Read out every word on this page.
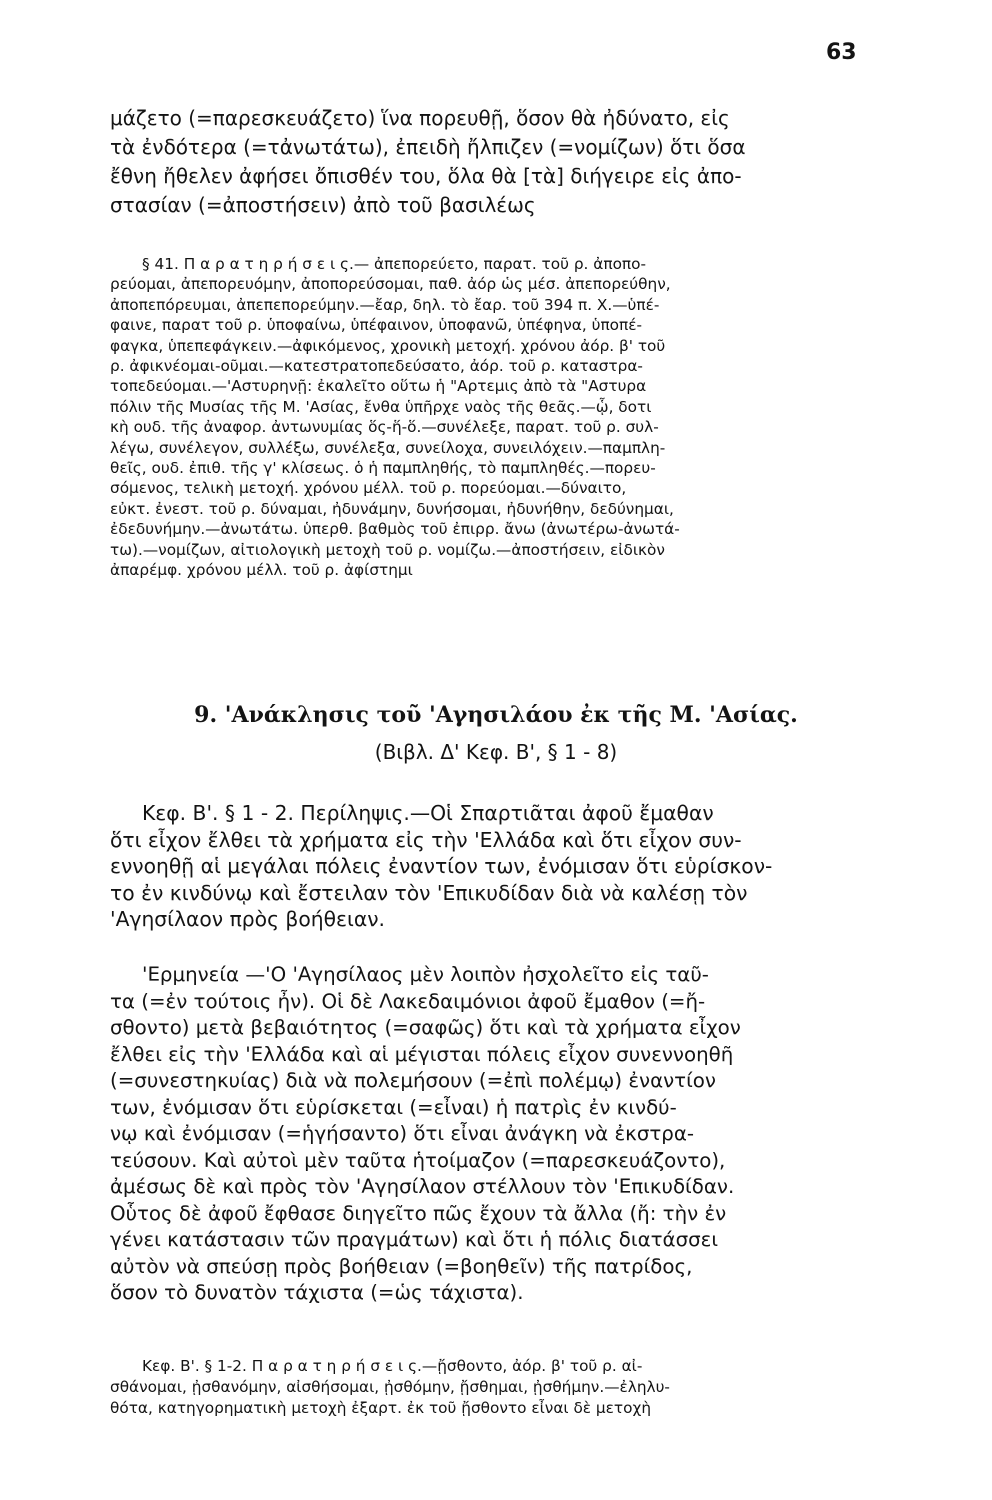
63
μάζετο (=παρεσκευάζετο) ἵνα πορευθῇ, ὅσον θὰ ἠδύνατο, εἰς
τὰ ἐνδότερα (=τἀνωτάτω), ἐπειδὴ ἤλπιζεν (=νομίζων) ὅτι ὅσα
ἔθνη ἤθελεν ἀφήσει ὄπισθέν του, ὅλα θὰ [τὰ] διήγειρε εἰς ἀπο-
στασίαν (=ἀποστήσειν) ἀπὸ τοῦ βασιλέως
§ 41. Π α ρ α τ η ρ ή σ ε ι ς.— ἀπεπορεύετο, παρατ. τοῦ ρ. ἀποπο-
ρεύομαι, ἀπεπορευόμην, ἀποπορεύσομαι, παθ. ἀόρ ὡς μέσ. ἀπεπορεύθην,
ἀποπεπόρευμαι, ἀπεπεπορεύμην.—ἔαρ, δηλ. τὸ ἔαρ. τοῦ 394 π. Χ.—ὑπέ-
φαινε, παρατ τοῦ ρ. ὑποφαίνω, ὑπέφαινον, ὑποφανῶ, ὑπέφηνα, ὑποπέ-
φαγκα, ὑπεπεφάγκειν.—ἀφικόμενος, χρονικὴ μετοχή. χρόνου ἀόρ. β' τοῦ
ρ. ἀφικνέομαι-οῦμαι.—κατεστρατοπεδεύσατο, ἀόρ. τοῦ ρ. καταστρα-
τοπεδεύομαι.—'Αστυρηνῇ: ἐκαλεῖτο οὕτω ἡ "Αρτεμις ἀπὸ τὰ "Αστυρα
πόλιν τῆς Μυσίας τῆς Μ. 'Ασίας, ἔνθα ὑπῆρχε ναὸς τῆς θεᾶς.—ᾧ, δοτι
κὴ ουδ. τῆς ἀναφορ. ἀντωνυμίας ὅς-ἥ-ὅ.—συνέλεξε, παρατ. τοῦ ρ. συλ-
λέγω, συνέλεγον, συλλέξω, συνέλεξα, συνείλοχα, συνειλόχειν.—παμπλη-
θεῖς, ουδ. ἐπιθ. τῆς γ' κλίσεως. ὁ ἡ παμπληθής, τὸ παμπληθές.—πορευ-
σόμενος, τελικὴ μετοχή. χρόνου μέλλ. τοῦ ρ. πορεύομαι.—δύναιτο,
εὐκτ. ἐνεστ. τοῦ ρ. δύναμαι, ἠδυνάμην, δυνήσομαι, ἠδυνήθην, δεδύνημαι,
ἐδεδυνήμην.—ἀνωτάτω. ὑπερθ. βαθμὸς τοῦ ἐπιρρ. ἄνω (ἀνωτέρω-ἀνωτά-
τω).—νομίζων, αἰτιολογικὴ μετοχὴ τοῦ ρ. νομίζω.—ἀποστήσειν, εἰδικὸν
ἀπαρέμφ. χρόνου μέλλ. τοῦ ρ. ἀφίστημι
9. 'Ανάκλησις τοῦ 'Αγησιλάου ἐκ τῆς Μ. 'Ασίας.
(Βιβλ. Δ' Κεφ. Β', § 1 - 8)
Κεφ. Β'. § 1 - 2. Περίληψις.—Οἱ Σπαρτιᾶται ἀφοῦ ἔμαθαν
ὅτι εἶχον ἔλθει τὰ χρήματα εἰς τὴν 'Ελλάδα καὶ ὅτι εἶχον συν-
εννοηθῇ αἱ μεγάλαι πόλεις ἐναντίον των, ἐνόμισαν ὅτι εὑρίσκον-
το ἐν κινδύνῳ καὶ ἔστειλαν τὸν 'Επικυδίδαν διὰ νὰ καλέσῃ τὸν
'Αγησίλαον πρὸς βοήθειαν.
'Ερμηνεία —'Ο 'Αγησίλαος μὲν λοιπὸν ἠσχολεῖτο εἰς ταῦ-
τα (=ἐν τούτοις ἦν). Οἱ δὲ Λακεδαιμόνιοι ἀφοῦ ἔμαθον (=ἤ-
σθοντο) μετὰ βεβαιότητος (=σαφῶς) ὅτι καὶ τὰ χρήματα εἶχον
ἔλθει εἰς τὴν 'Ελλάδα καὶ αἱ μέγισται πόλεις εἶχον συνεννοηθῆ
(=συνεστηκυίας) διὰ νὰ πολεμήσουν (=ἐπὶ πολέμῳ) ἐναντίον
των, ἐνόμισαν ὅτι εὑρίσκεται (=εἶναι) ἡ πατρὶς ἐν κινδύ-
νῳ καὶ ἐνόμισαν (=ἡγήσαντο) ὅτι εἶναι ἀνάγκη νὰ ἐκστρα-
τεύσουν. Καὶ αὐτοὶ μὲν ταῦτα ἡτοίμαζον (=παρεσκευάζοντο),
ἀμέσως δὲ καὶ πρὸς τὸν 'Αγησίλαον στέλλουν τὸν 'Επικυδίδαν.
Οὗτος δὲ ἀφοῦ ἔφθασε διηγεῖτο πῶς ἔχουν τὰ ἄλλα (ἤ: τὴν ἐν
γένει κατάστασιν τῶν πραγμάτων) καὶ ὅτι ἡ πόλις διατάσσει
αὐτὸν νὰ σπεύσῃ πρὸς βοήθειαν (=βοηθεῖν) τῆς πατρίδος,
ὅσον τὸ δυνατὸν τάχιστα (=ὡς τάχιστα).
Κεφ. Β'. § 1-2. Π α ρ α τ η ρ ή σ ε ι ς.—ᾔσθοντο, ἀόρ. β' τοῦ ρ. αἰ-
σθάνομαι, ᾐσθανόμην, αἰσθήσομαι, ᾐσθόμην, ᾔσθημαι, ᾐσθήμην.—ἐληλυ-
θότα, κατηγορηματικὴ μετοχὴ ἐξαρτ. ἐκ τοῦ ᾔσθοντο εἶναι δὲ μετοχὴ
